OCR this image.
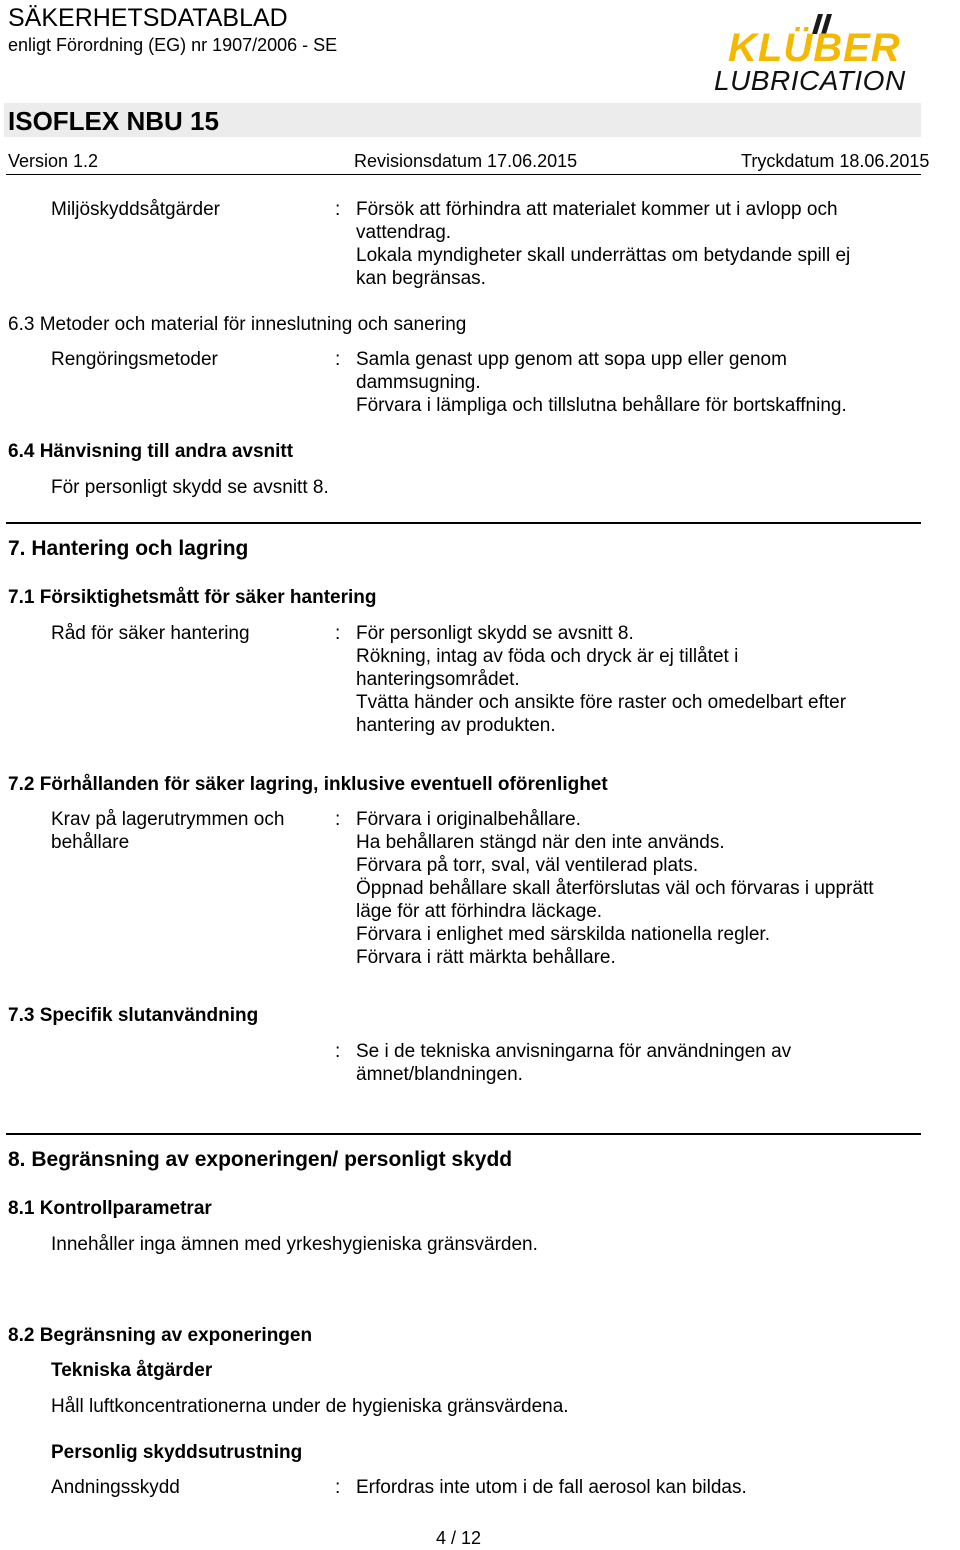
SÄKERHETSDATABLAD
enligt Förordning (EG) nr 1907/2006 - SE	KLÜBER
LUBRICATION
ISOFLEX NBU 15
Version 1.2	Revisionsdatum 17.06.2015	Tryckdatum 18.06.2015
Miljöskyddsåtgärder	: Försök att förhindra att materialet kommer ut i avlopp och
vattendrag.
Lokala myndigheter skall underrättas om betydande spill ej
kan begränsas.
6.3 Metoder och material för inneslutning och sanering
Rengöringsmetoder	: Samla genast upp genom att sopa upp eller genom
dammsugning.
Förvara i lämpliga och tillslutna behållare för bortskaffning.
6.4 Hänvisning till andra avsnitt
För personligt skydd se avsnitt 8.
7. Hantering och lagring
7.1 Försiktighetsmått för säker hantering
Råd för säker hantering	: För personligt skydd se avsnitt 8.
Rökning, intag av föda och dryck är ej tillåtet i
hanteringsområdet.
Tvätta händer och ansikte före raster och omedelbart efter
hantering av produkten.
7.2 Förhållanden för säker lagring, inklusive eventuell oförenlighet
Krav på lagerutrymmen och
behållare
: Förvara i originalbehållare.
Ha behållaren stängd när den inte används.
Förvara på torr, sval, väl ventilerad plats.
Öppnad behållare skall återförslutas väl och förvaras i upprätt
läge för att förhindra läckage.
Förvara i enlighet med särskilda nationella regler.
Förvara i rätt märkta behållare.
7.3 Specifik slutanvändning
: Se i de tekniska anvisningarna för användningen av
ämnet/blandningen.
8. Begränsning av exponeringen/ personligt skydd
8.1 Kontrollparametrar
Innehåller inga ämnen med yrkeshygieniska gränsvärden.
8.2 Begränsning av exponeringen
Tekniska åtgärder
Håll luftkoncentrationerna under de hygieniska gränsvärdena.
Personlig skyddsutrustning
Andningsskydd	: Erfordras inte utom i de fall aerosol kan bildas.
4 / 12
